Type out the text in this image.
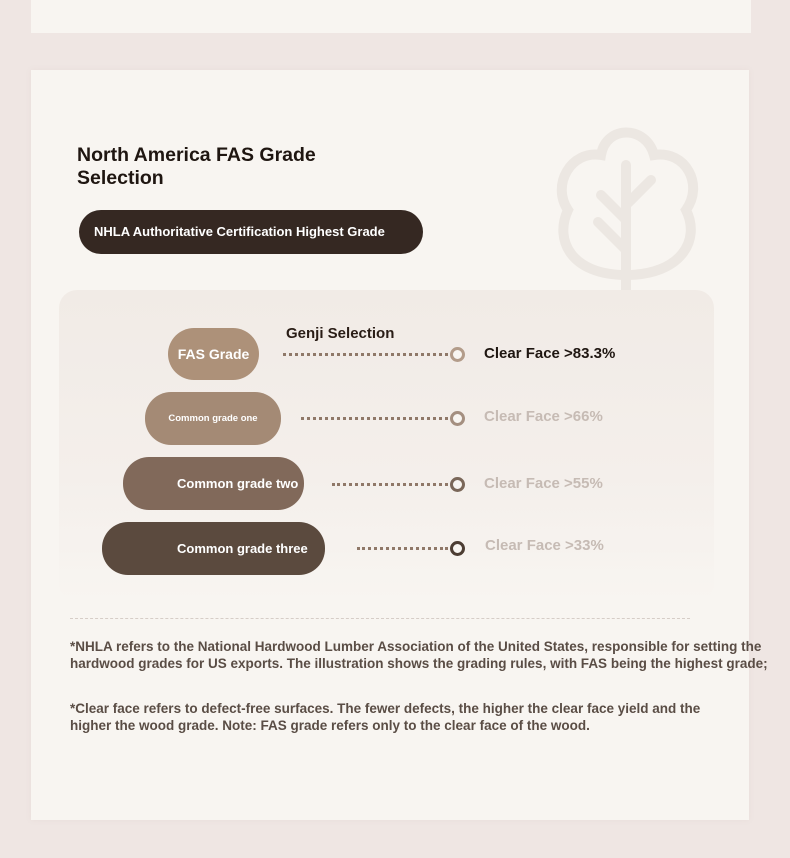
North America FAS Grade Selection
NHLA Authoritative Certification Highest Grade
Genji Selection
FAS Grade
Common grade one
Common grade two
Common grade three
Clear Face >83.3%
Clear Face >66%
Clear Face >55%
Clear Face >33%

*NHLA refers to the National Hardwood Lumber Association of the United States, responsible for setting the hardwood grades for US exports. The illustration shows the grading rules, with FAS being the highest grade;

*Clear face refers to defect-free surfaces. The fewer defects, the higher the clear face yield and the higher the wood grade. Note: FAS grade refers only to the clear face of the wood.
